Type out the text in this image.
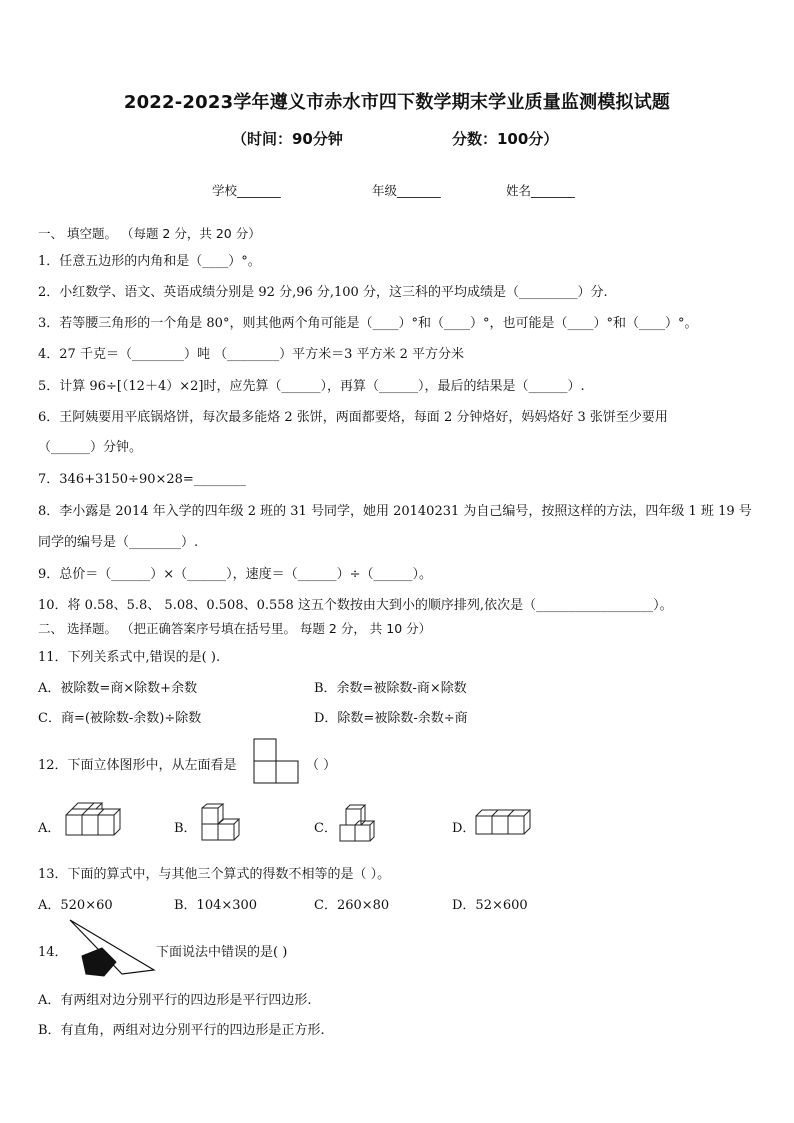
2022-2023学年遵义市赤水市四下数学期末学业质量监测模拟试题
（时间：90分钟	分数：100分）
学校_______	年级_______	姓名_______
一、 填空题。 （每题 2 分，共 20 分）
1．任意五边形的内角和是（____）°。
2．小红数学、语文、英语成绩分别是 92 分,96 分,100 分，这三科的平均成绩是（_________）分.
3．若等腰三角形的一个角是 80°，则其他两个角可能是（____）°和（____）°，也可能是（____）°和（____）°。
4．27 千克＝（________）吨 （________）平方米＝3 平方米 2 平方分米
5．计算 96÷[（12＋4）×2]时，应先算（______），再算（______），最后的结果是（______）.
6．王阿姨要用平底锅烙饼，每次最多能烙 2 张饼，两面都要烙，每面 2 分钟烙好，妈妈烙好 3 张饼至少要用
（______）分钟。
7．346+3150÷90×28=________
8．李小露是 2014 年入学的四年级 2 班的 31 号同学，她用 20140231 为自己编号，按照这样的方法，四年级 1 班 19 号
同学的编号是（________）.
9．总价＝（______）×（______），速度＝（______）÷（______）。
10．将 0.58、5.8、 5.08、0.508、0.558 这五个数按由大到小的顺序排列,依次是（__________________）。
二、 选择题。 （把正确答案序号填在括号里。 每题 2 分， 共 10 分）
11．下列关系式中,错误的是( ).
A．被除数=商×除数+余数	B．余数=被除数-商×除数
C．商=(被除数-余数)÷除数	D．除数=被除数-余数÷商
12．下面立体图形中，从左面看是	（ ）
A．	B．	C．	D．
13．下面的算式中，与其他三个算式的得数不相等的是（ ）。
A．520×60	B．104×300	C．260×80	D．52×600
14．	下面说法中错误的是( )
A．有两组对边分别平行的四边形是平行四边形.
B．有直角，两组对边分别平行的四边形是正方形.
